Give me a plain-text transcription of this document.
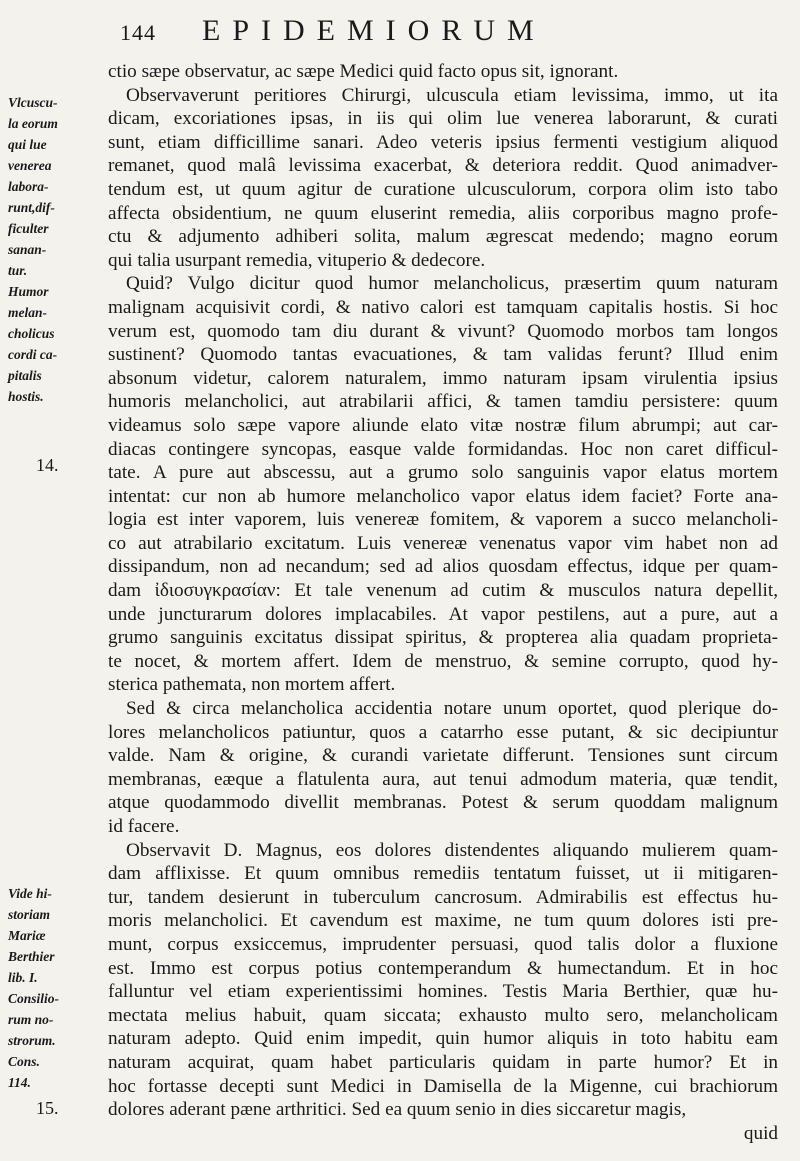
144 EPIDEMIORUM
Vlcuscu-
la eorum
qui lue
venerea
labora-
runt,dif-
ficulter
sanan-
tur.
Humor
melan-
cholicus
cordi ca-
pitalis
hostis.
14.
Vide hi-
storiam
Mariæ
Berthier
lib. I.
Consilio-
rum no-
strorum.
Cons.
114.
15.
ctio sæpe observatur, ac sæpe Medici quid facto opus sit, ignorant.
Observaverunt peritiores Chirurgi, ulcuscula etiam levissima, immo, ut ita
dicam, excoriationes ipsas, in iis qui olim lue venerea laborarunt, & curati
sunt, etiam difficillime sanari. Adeo veteris ipsius fermenti vestigium aliquod
remanet, quod malâ levissima exacerbat, & deteriora reddit. Quod animadver-
tendum est, ut quum agitur de curatione ulcusculorum, corpora olim isto tabo
affecta obsidentium, ne quum eluserint remedia, aliis corporibus magno profe-
ctu & adjumento adhiberi solita, malum ægrescat medendo; magno eorum
qui talia usurpant remedia, vituperio & dedecore.
Quid? Vulgo dicitur quod humor melancholicus, præsertim quum naturam
malignam acquisivit cordi, & nativo calori est tamquam capitalis hostis. Si hoc
verum est, quomodo tam diu durant & vivunt? Quomodo morbos tam longos
sustinent? Quomodo tantas evacuationes, & tam validas ferunt? Illud enim
absonum videtur, calorem naturalem, immo naturam ipsam virulentia ipsius
humoris melancholici, aut atrabilarii affici, & tamen tamdiu persistere: quum
videamus solo sæpe vapore aliunde elato vitæ nostræ filum abrumpi; aut car-
diacas contingere syncopas, easque valde formidandas. Hoc non caret difficul-
tate. A pure aut abscessu, aut a grumo solo sanguinis vapor elatus mortem
intentat: cur non ab humore melancholico vapor elatus idem faciet? Forte ana-
logia est inter vaporem, luis venereæ fomitem, & vaporem a succo melancholi-
co aut atrabilario excitatum. Luis venereæ venenatus vapor vim habet non ad
dissipandum, non ad necandum; sed ad alios quosdam effectus, idque per quam-
dam ἰδιοσυγκρασίαν: Et tale venenum ad cutim & musculos natura depellit,
unde juncturarum dolores implacabiles. At vapor pestilens, aut a pure, aut a
grumo sanguinis excitatus dissipat spiritus, & propterea alia quadam proprieta-
te nocet, & mortem affert. Idem de menstruo, & semine corrupto, quod hy-
sterica pathemata, non mortem affert.
Sed & circa melancholica accidentia notare unum oportet, quod plerique do-
lores melancholicos patiuntur, quos a catarrho esse putant, & sic decipiuntur
valde. Nam & origine, & curandi varietate differunt. Tensiones sunt circum
membranas, eæque a flatulenta aura, aut tenui admodum materia, quæ tendit,
atque quodammodo divellit membranas. Potest & serum quoddam malignum
id facere.
Observavit D. Magnus, eos dolores distendentes aliquando mulierem quam-
dam afflixisse. Et quum omnibus remediis tentatum fuisset, ut ii mitigaren-
tur, tandem desierunt in tuberculum cancrosum. Admirabilis est effectus hu-
moris melancholici. Et cavendum est maxime, ne tum quum dolores isti pre-
munt, corpus exsiccemus, imprudenter persuasi, quod talis dolor a fluxione
est. Immo est corpus potius contemperandum & humectandum. Et in hoc
falluntur vel etiam experientissimi homines. Testis Maria Berthier, quæ hu-
mectata melius habuit, quam siccata; exhausto multo sero, melancholicam
naturam adepto. Quid enim impedit, quin humor aliquis in toto habitu eam
naturam acquirat, quam habet particularis quidam in parte humor? Et in
hoc fortasse decepti sunt Medici in Damisella de la Migenne, cui brachiorum
dolores aderant pæne arthritici. Sed ea quum senio in dies siccaretur magis,
quid
